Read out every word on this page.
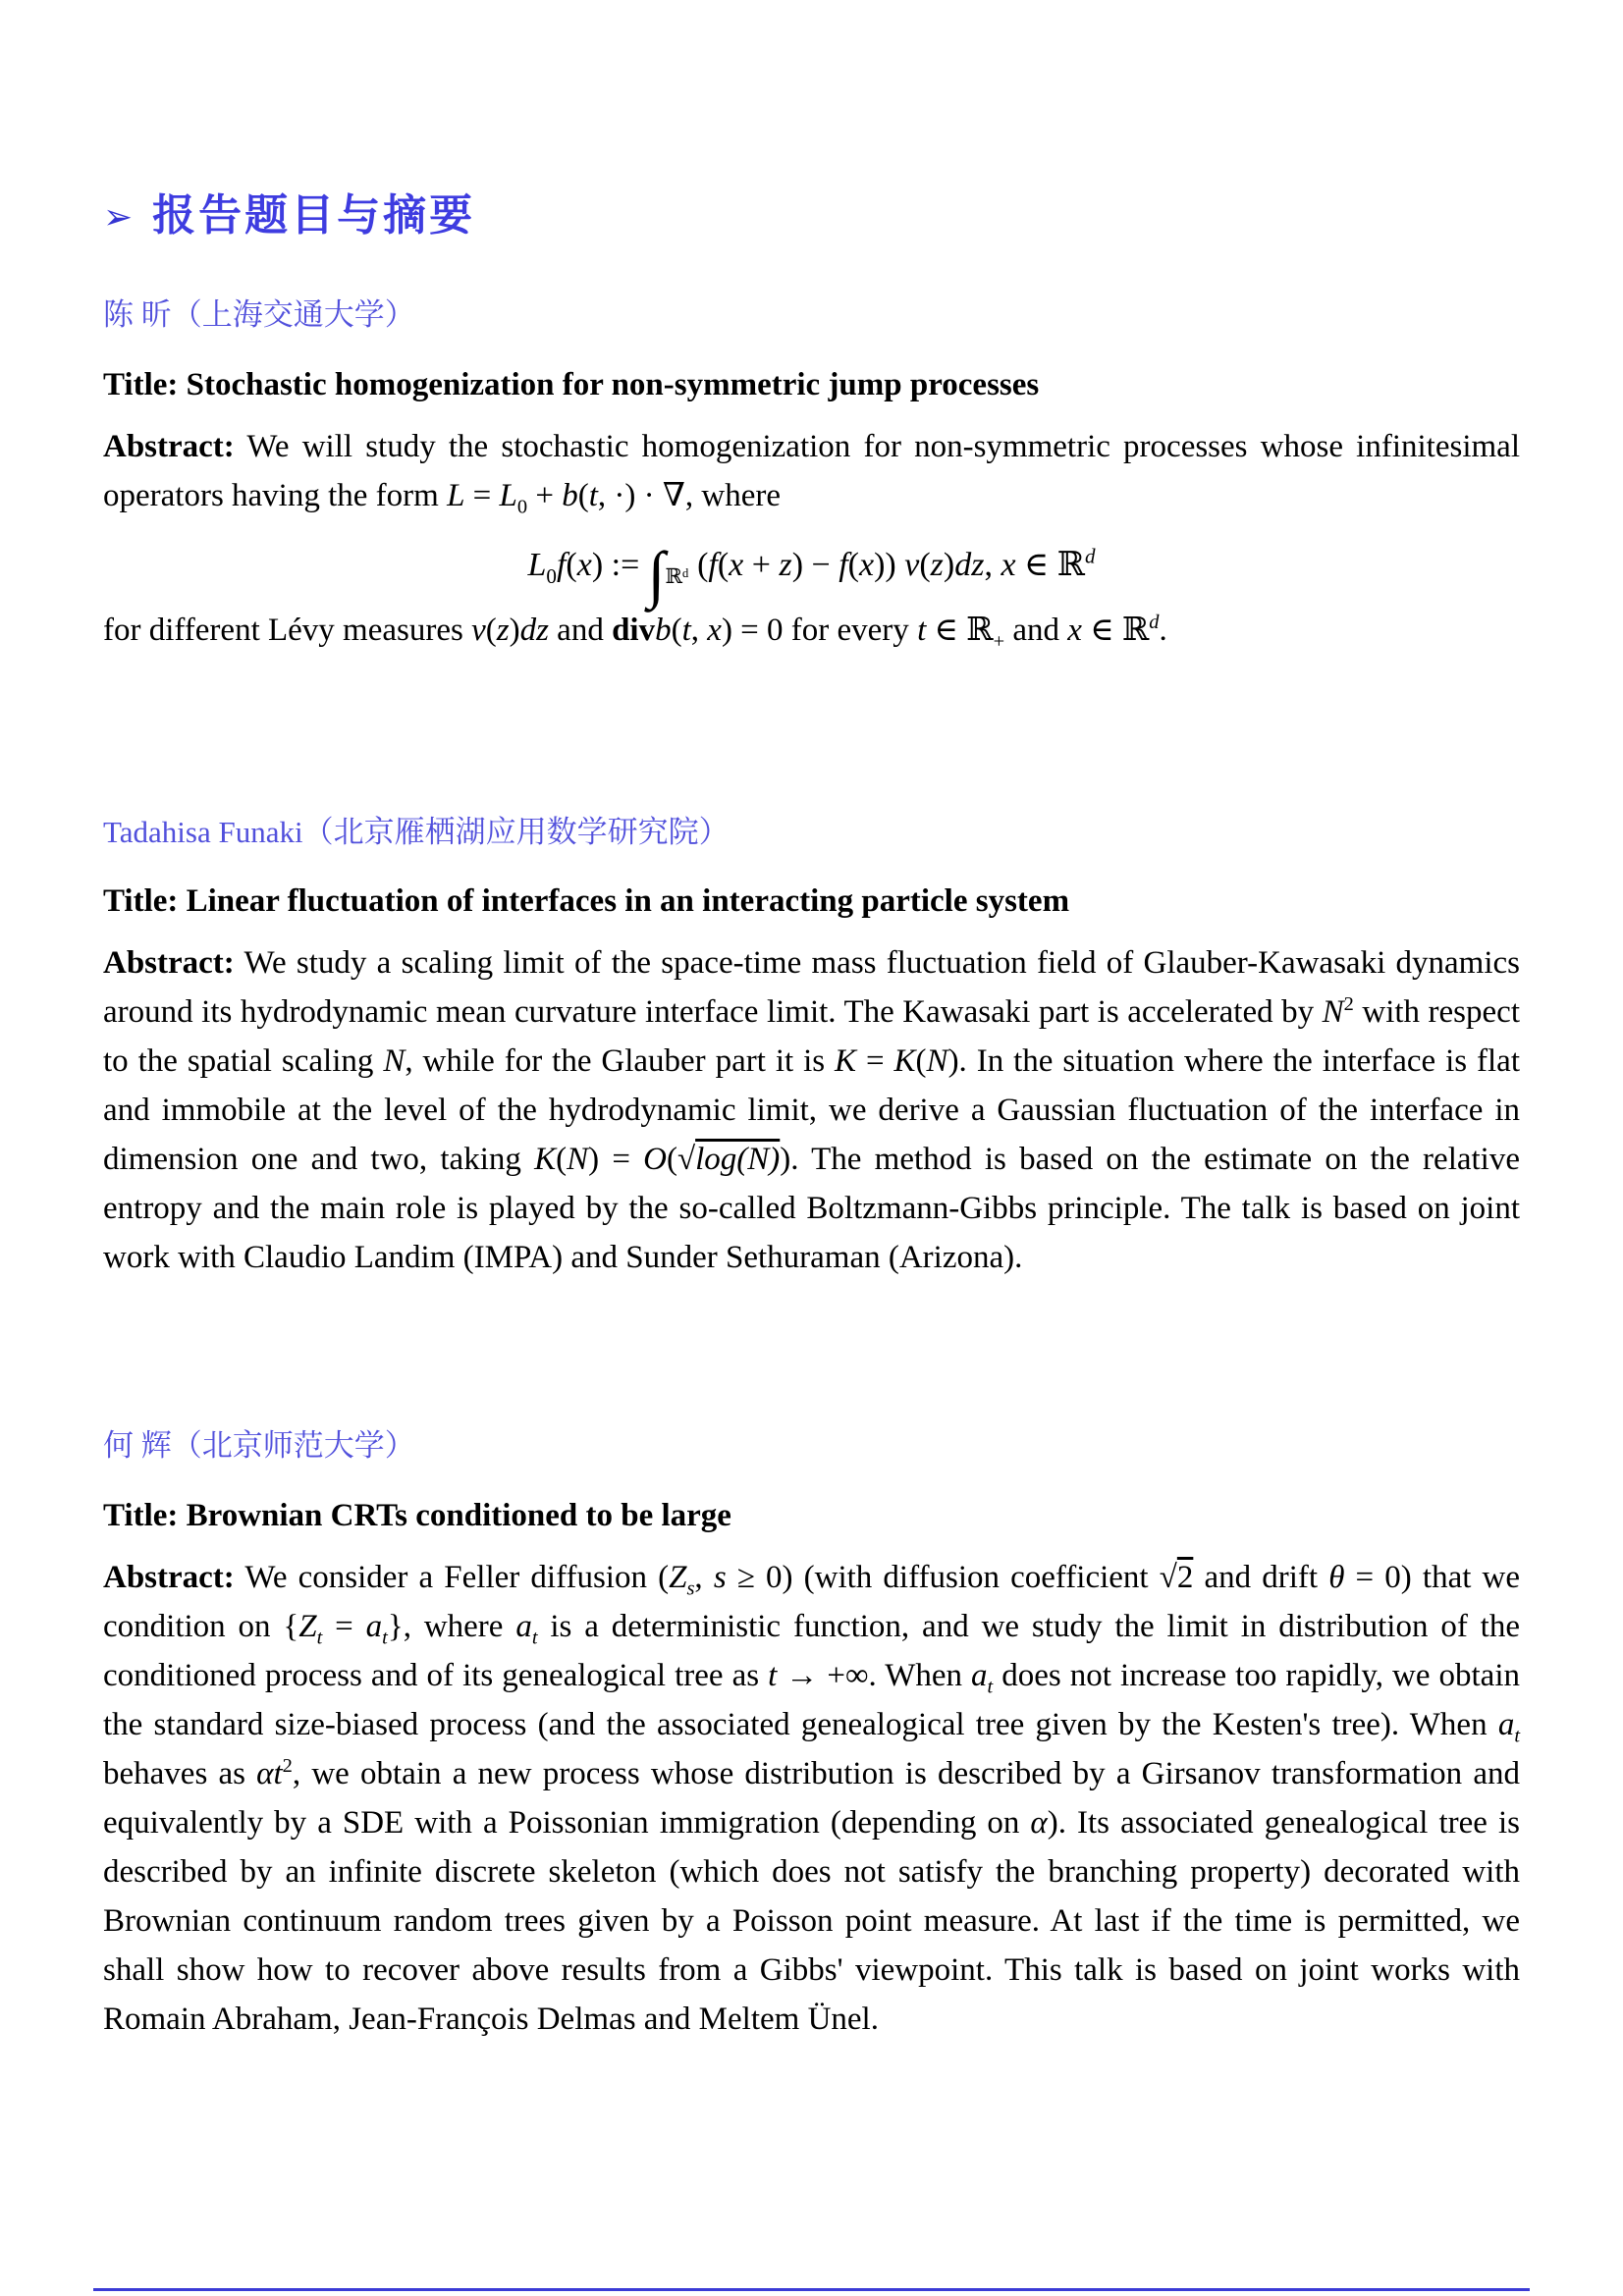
➢ 报告题目与摘要
陈 昕（上海交通大学）
Title: Stochastic homogenization for non-symmetric jump processes

Abstract: We will study the stochastic homogenization for non-symmetric processes whose infinitesimal operators having the form $L = L_0 + b(t$, ·) · ∇, where

$L_0f(x)$ := $\int_{ℝᵈ}$ (f(x + z) − f(x)) ν(z)dz, x ∈ ℝ$^d$

for different Lévy measures ν(z)dz and divb(t, x) = 0 for every t ∈ ℝ$_+$ and x ∈ ℝ$^d$.

Tadahisa Funaki（北京雁栖湖应用数学研究院）
Title: Linear fluctuation of interfaces in an interacting particle system

Abstract: We study a scaling limit of the space-time mass fluctuation field of Glauber-Kawasaki dynamics around its hydrodynamic mean curvature interface limit. The Kawasaki part is accelerated by $N^2$ with respect to the spatial scaling N, while for the Glauber part it is K = K(N). In the situation where the interface is flat and immobile at the level of the hydrodynamic limit, we derive a Gaussian fluctuation of the interface in dimension one and two, taking K(N) = O(√log(N)). The method is based on the estimate on the relative entropy and the main role is played by the so-called Boltzmann-Gibbs principle. The talk is based on joint work with Claudio Landim (IMPA) and Sunder Sethuraman (Arizona).

何 辉（北京师范大学）
Title: Brownian CRTs conditioned to be large

Abstract: We consider a Feller diffusion ($Z_s$, s ≥ 0) (with diffusion coefficient √2 and drift θ = 0) that we condition on $\{Z_t = a_t\}$, where $a_t$ is a deterministic function, and we study the limit in distribution of the conditioned process and of its genealogical tree as t → +∞. When $a_t$ does not increase too rapidly, we obtain the standard size-biased process (and the associated genealogical tree given by the Kesten's tree). When $a_t$ behaves as $\alpha t^2$, we obtain a new process whose distribution is described by a Girsanov transformation and equivalently by a SDE with a Poissonian immigration (depending on α). Its associated genealogical tree is described by an infinite discrete skeleton (which does not satisfy the branching property) decorated with Brownian continuum random trees given by a Poisson point measure. At last if the time is permitted, we shall show how to recover above results from a Gibbs' viewpoint. This talk is based on joint works with Romain Abraham, Jean-François Delmas and Meltem Ünel.
